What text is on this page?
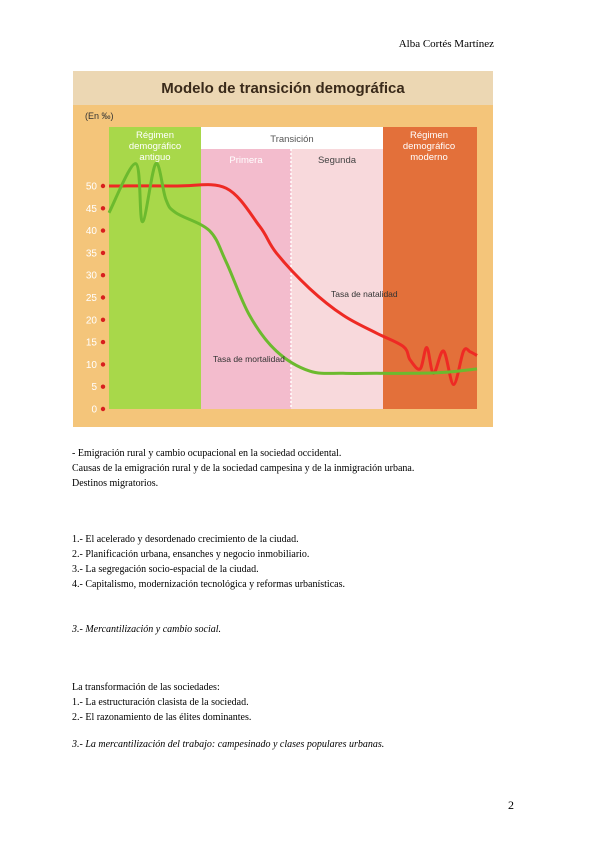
Alba Cortés Martínez
Modelo de transición demográfica
(En ‰)
Régimen
demográfico
antiguo
Régimen
demográfico
moderno
Transición
Primera	Segunda
0
5
10
15
20
25
30
35
40
45
50
Tasa de natalidad
Tasa de mortalidad
- Emigración rural y cambio ocupacional en la sociedad occidental.
Causas de la emigración rural y de la sociedad campesina y de la inmigración urbana.
Destinos migratorios.
1.- El acelerado y desordenado crecimiento de la ciudad.
2.- Planificación urbana, ensanches y negocio inmobiliario.
3.- La segregación socio-espacial de la ciudad.
4.- Capitalismo, modernización tecnológica y reformas urbanísticas.
3.- Mercantilización y cambio social.
La transformación de las sociedades:
1.- La estructuración clasista de la sociedad.
2.- El razonamiento de las élites dominantes.
3.- La mercantilización del trabajo: campesinado y clases populares urbanas.
2
